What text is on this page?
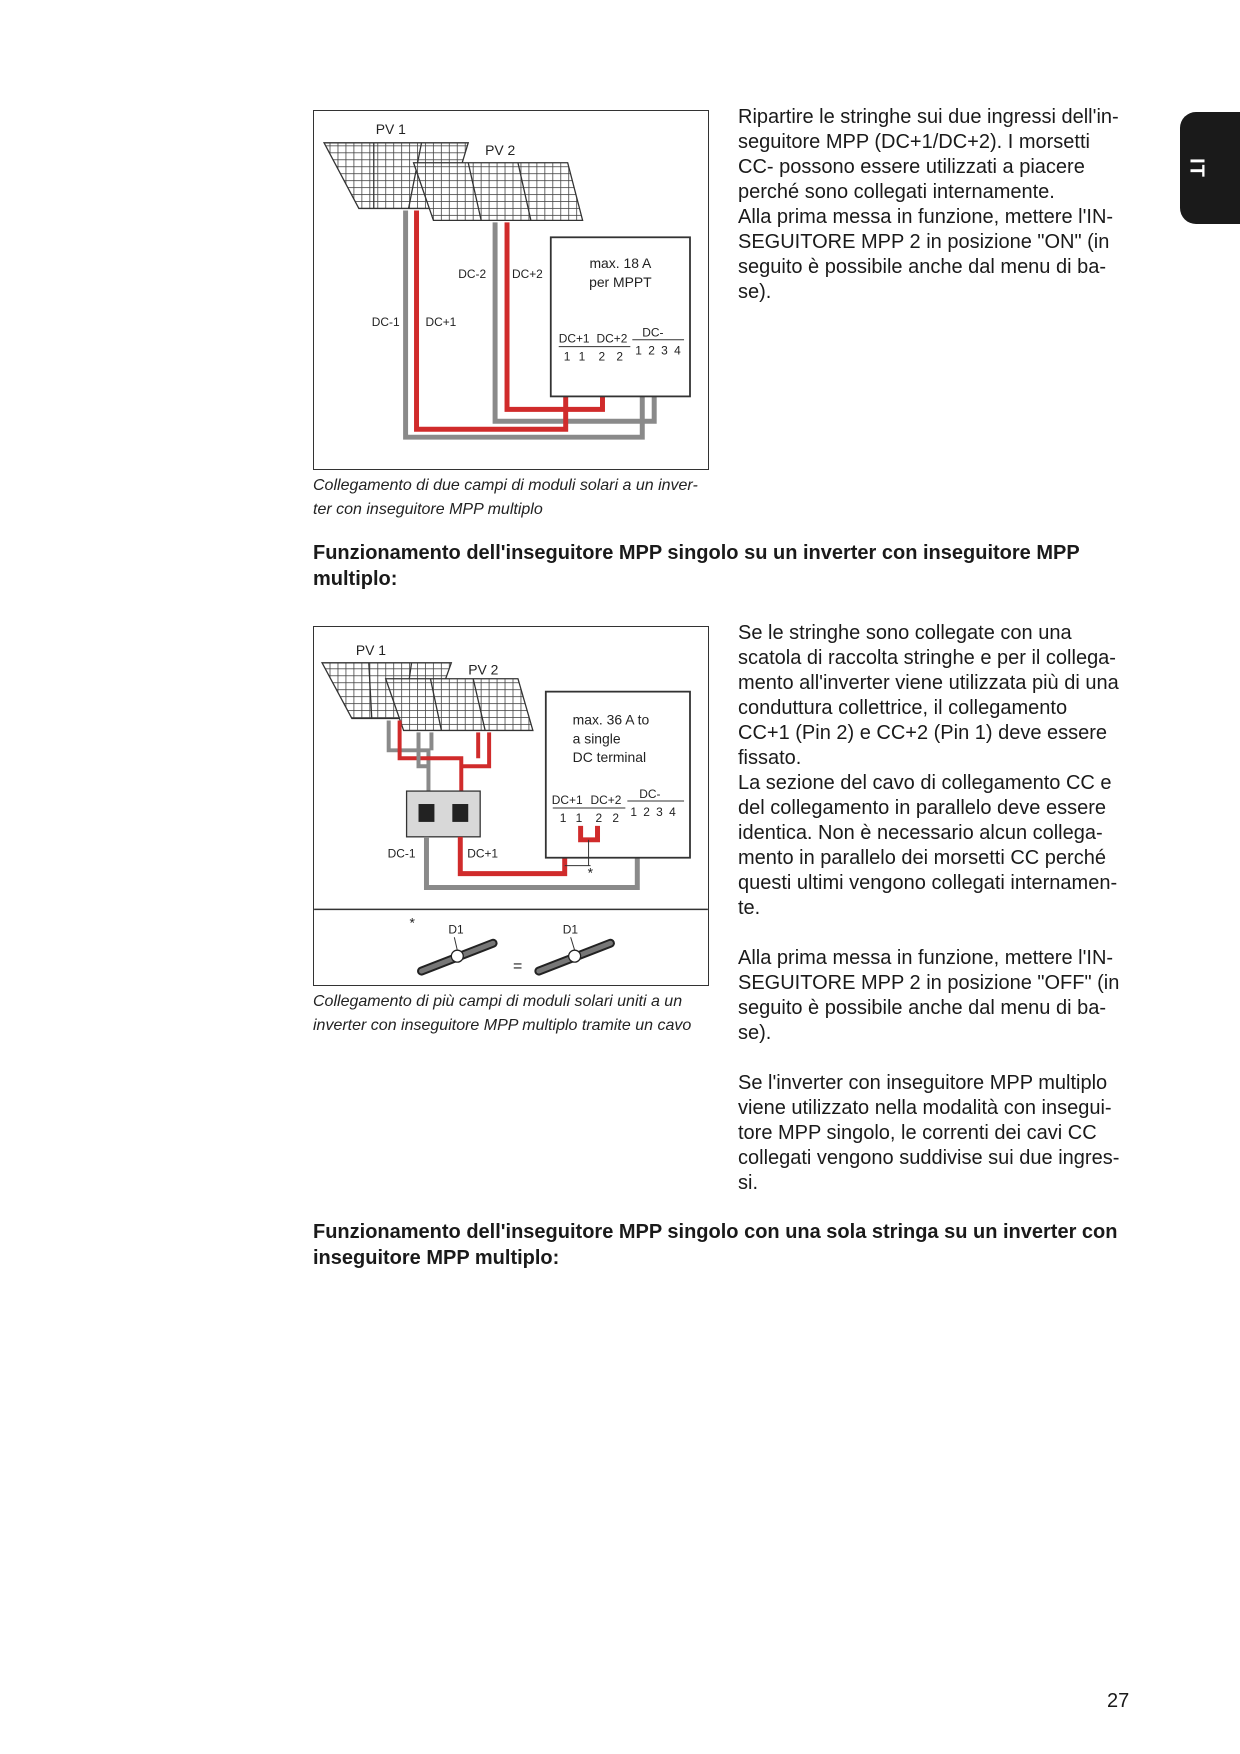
IT
PV 1
PV 2
DC-2 DC+2
DC-1 DC+1
max. 18 A
per MPPT
DC+1 DC+2 DC-
1 1 2 2 1 2 3 4
Collegamento di due campi di moduli solari a un inver-
ter con inseguitore MPP multiplo

Ripartire le stringhe sui due ingressi dell'in-

seguitore MPP (DC+1/DC+2). I morsetti

CC- possono essere utilizzati a piacere

perché sono collegati internamente.

Alla prima messa in funzione, mettere l'IN-

SEGUITORE MPP 2 in posizione "ON" (in

seguito è possibile anche dal menu di ba-

se).

Funzionamento dell'inseguitore MPP singolo su un inverter con inseguitore MPP multiplo:
PV 1
PV 2
DC-1	DC+1
max. 36 A to
a single
DC terminal
DC+1 DC+2 DC-
1 1 2 2 1 2 3 4
*
*	D1	D1
=
Collegamento di più campi di moduli solari uniti a un
inverter con inseguitore MPP multiplo tramite un cavo

Se le stringhe sono collegate con una

scatola di raccolta stringhe e per il collega-

mento all'inverter viene utilizzata più di una

conduttura collettrice, il collegamento

CC+1 (Pin 2) e CC+2 (Pin 1) deve essere

fissato.

La sezione del cavo di collegamento CC e

del collegamento in parallelo deve essere

identica. Non è necessario alcun collega-

mento in parallelo dei morsetti CC perché

questi ultimi vengono collegati internamen-

te.

Alla prima messa in funzione, mettere l'IN-

SEGUITORE MPP 2 in posizione "OFF" (in

seguito è possibile anche dal menu di ba-

se).

Se l'inverter con inseguitore MPP multiplo

viene utilizzato nella modalità con insegui-

tore MPP singolo, le correnti dei cavi CC

collegati vengono suddivise sui due ingres-

si.

Funzionamento dell'inseguitore MPP singolo con una sola stringa su un inverter con inseguitore MPP multiplo:
27
